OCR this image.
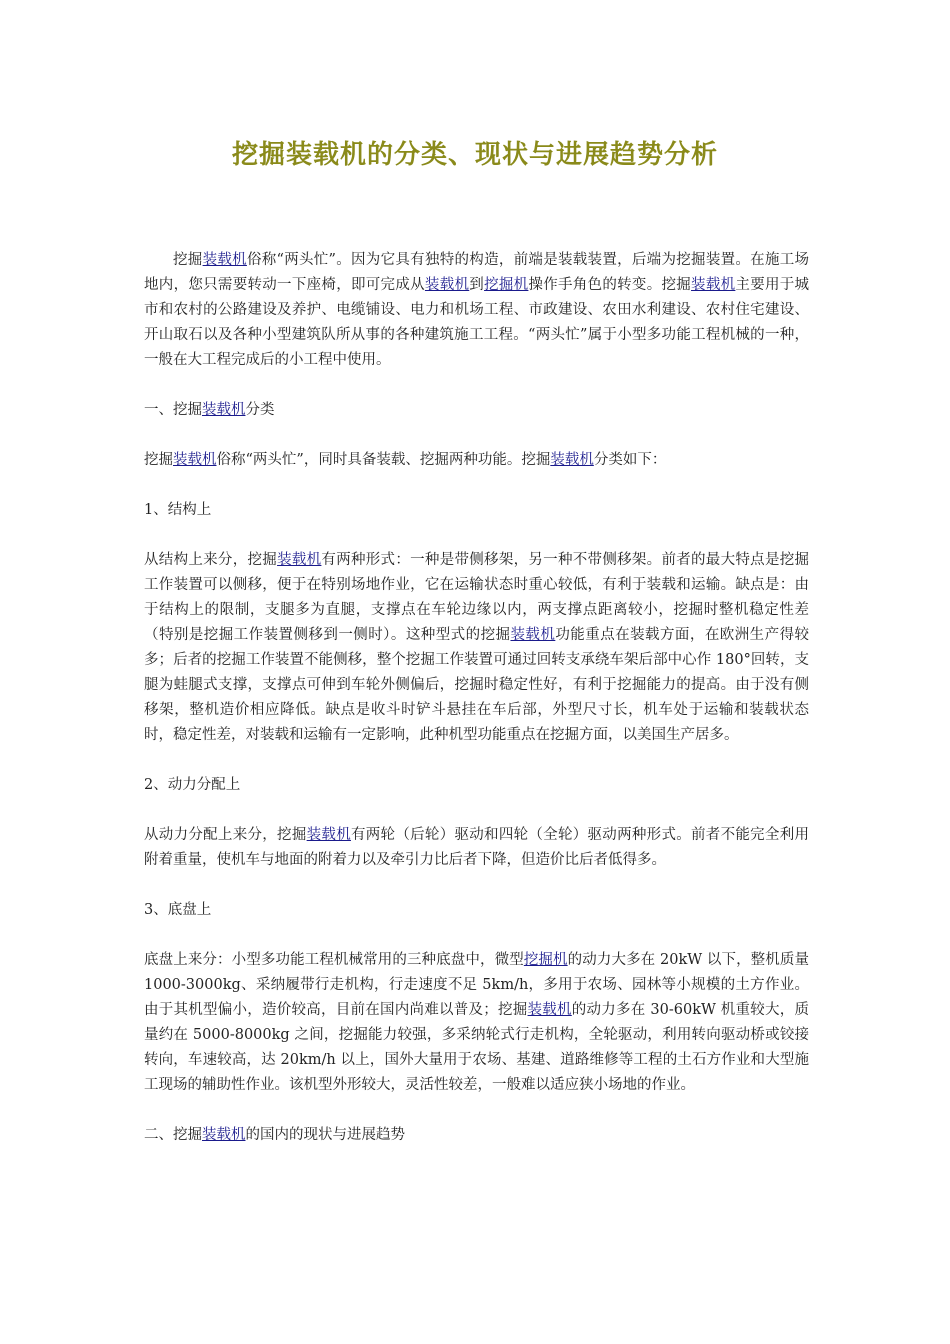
挖掘装载机的分类、现状与进展趋势分析

挖掘装载机俗称“两头忙”。因为它具有独特的构造，前端是装载装置，后端为挖掘装置。在施工场地内，您只需要转动一下座椅，即可完成从装载机到挖掘机操作手角色的转变。挖掘装载机主要用于城市和农村的公路建设及养护、电缆铺设、电力和机场工程、市政建设、农田水利建设、农村住宅建设、开山取石以及各种小型建筑队所从事的各种建筑施工工程。“两头忙”属于小型多功能工程机械的一种，一般在大工程完成后的小工程中使用。

一、挖掘装载机分类

挖掘装载机俗称“两头忙”，同时具备装载、挖掘两种功能。挖掘装载机分类如下：

1、结构上

从结构上来分，挖掘装载机有两种形式：一种是带侧移架，另一种不带侧移架。前者的最大特点是挖掘工作装置可以侧移，便于在特别场地作业，它在运输状态时重心较低，有利于装载和运输。缺点是：由于结构上的限制，支腿多为直腿，支撑点在车轮边缘以内，两支撑点距离较小，挖掘时整机稳定性差（特别是挖掘工作装置侧移到一侧时）。这种型式的挖掘装载机功能重点在装载方面，在欧洲生产得较多；后者的挖掘工作装置不能侧移，整个挖掘工作装置可通过回转支承绕车架后部中心作 180°回转，支腿为蛙腿式支撑，支撑点可伸到车轮外侧偏后，挖掘时稳定性好，有利于挖掘能力的提高。由于没有侧移架，整机造价相应降低。缺点是收斗时铲斗悬挂在车后部，外型尺寸长，机车处于运输和装载状态时，稳定性差，对装载和运输有一定影响，此种机型功能重点在挖掘方面，以美国生产居多。

2、动力分配上

从动力分配上来分，挖掘装载机有两轮（后轮）驱动和四轮（全轮）驱动两种形式。前者不能完全利用附着重量，使机车与地面的附着力以及牵引力比后者下降，但造价比后者低得多。

3、底盘上

底盘上来分：小型多功能工程机械常用的三种底盘中，微型挖掘机的动力大多在 20kW 以下，整机质量 1000-3000kg、采纳履带行走机构，行走速度不足 5km/h，多用于农场、园林等小规模的土方作业。由于其机型偏小，造价较高，目前在国内尚难以普及；挖掘装载机的动力多在 30-60kW 机重较大，质量约在 5000-8000kg 之间，挖掘能力较强，多采纳轮式行走机构，全轮驱动，利用转向驱动桥或铰接转向，车速较高，达 20km/h 以上，国外大量用于农场、基建、道路维修等工程的土石方作业和大型施工现场的辅助性作业。该机型外形较大，灵活性较差，一般难以适应狭小场地的作业。

二、挖掘装载机的国内的现状与进展趋势
